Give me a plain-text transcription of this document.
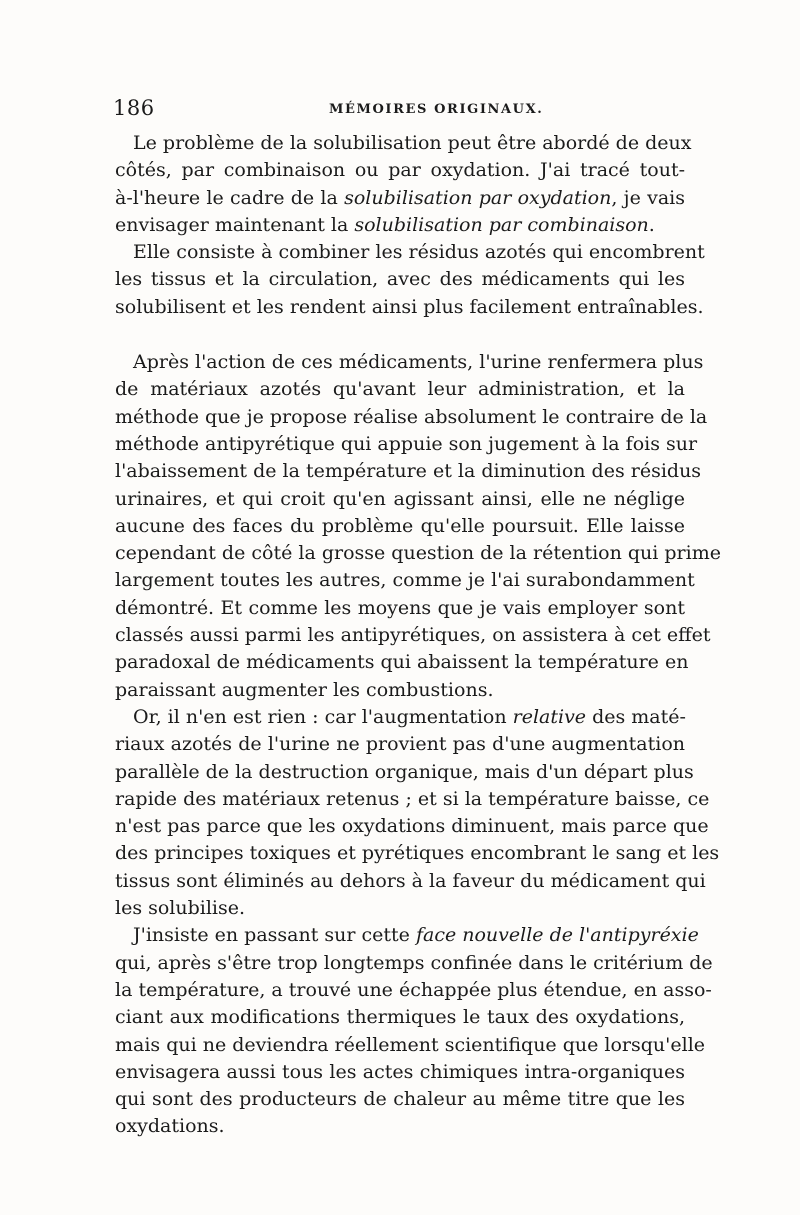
186	MÉMOIRES ORIGINAUX.

Le problème de la solubilisation peut être abordé de deux
côtés, par combinaison ou par oxydation. J'ai tracé tout-
à-l'heure le cadre de la solubilisation par oxydation, je vais
envisager maintenant la solubilisation par combinaison.

Elle consiste à combiner les résidus azotés qui encombrent
les tissus et la circulation, avec des médicaments qui les
solubilisent et les rendent ainsi plus facilement entraînables.

Après l'action de ces médicaments, l'urine renfermera plus
de matériaux azotés qu'avant leur administration, et la
méthode que je propose réalise absolument le contraire de la
méthode antipyrétique qui appuie son jugement à la fois sur
l'abaissement de la température et la diminution des résidus
urinaires, et qui croit qu'en agissant ainsi, elle ne néglige
aucune des faces du problème qu'elle poursuit. Elle laisse
cependant de côté la grosse question de la rétention qui prime
largement toutes les autres, comme je l'ai surabondamment
démontré. Et comme les moyens que je vais employer sont
classés aussi parmi les antipyrétiques, on assistera à cet effet
paradoxal de médicaments qui abaissent la température en
paraissant augmenter les combustions.

Or, il n'en est rien : car l'augmentation relative des maté-
riaux azotés de l'urine ne provient pas d'une augmentation
parallèle de la destruction organique, mais d'un départ plus
rapide des matériaux retenus ; et si la température baisse, ce
n'est pas parce que les oxydations diminuent, mais parce que
des principes toxiques et pyrétiques encombrant le sang et les
tissus sont éliminés au dehors à la faveur du médicament qui
les solubilise.

J'insiste en passant sur cette face nouvelle de l'antipyréxie
qui, après s'être trop longtemps confinée dans le critérium de
la température, a trouvé une échappée plus étendue, en asso-
ciant aux modifications thermiques le taux des oxydations,
mais qui ne deviendra réellement scientifique que lorsqu'elle
envisagera aussi tous les actes chimiques intra-organiques
qui sont des producteurs de chaleur au même titre que les
oxydations.
